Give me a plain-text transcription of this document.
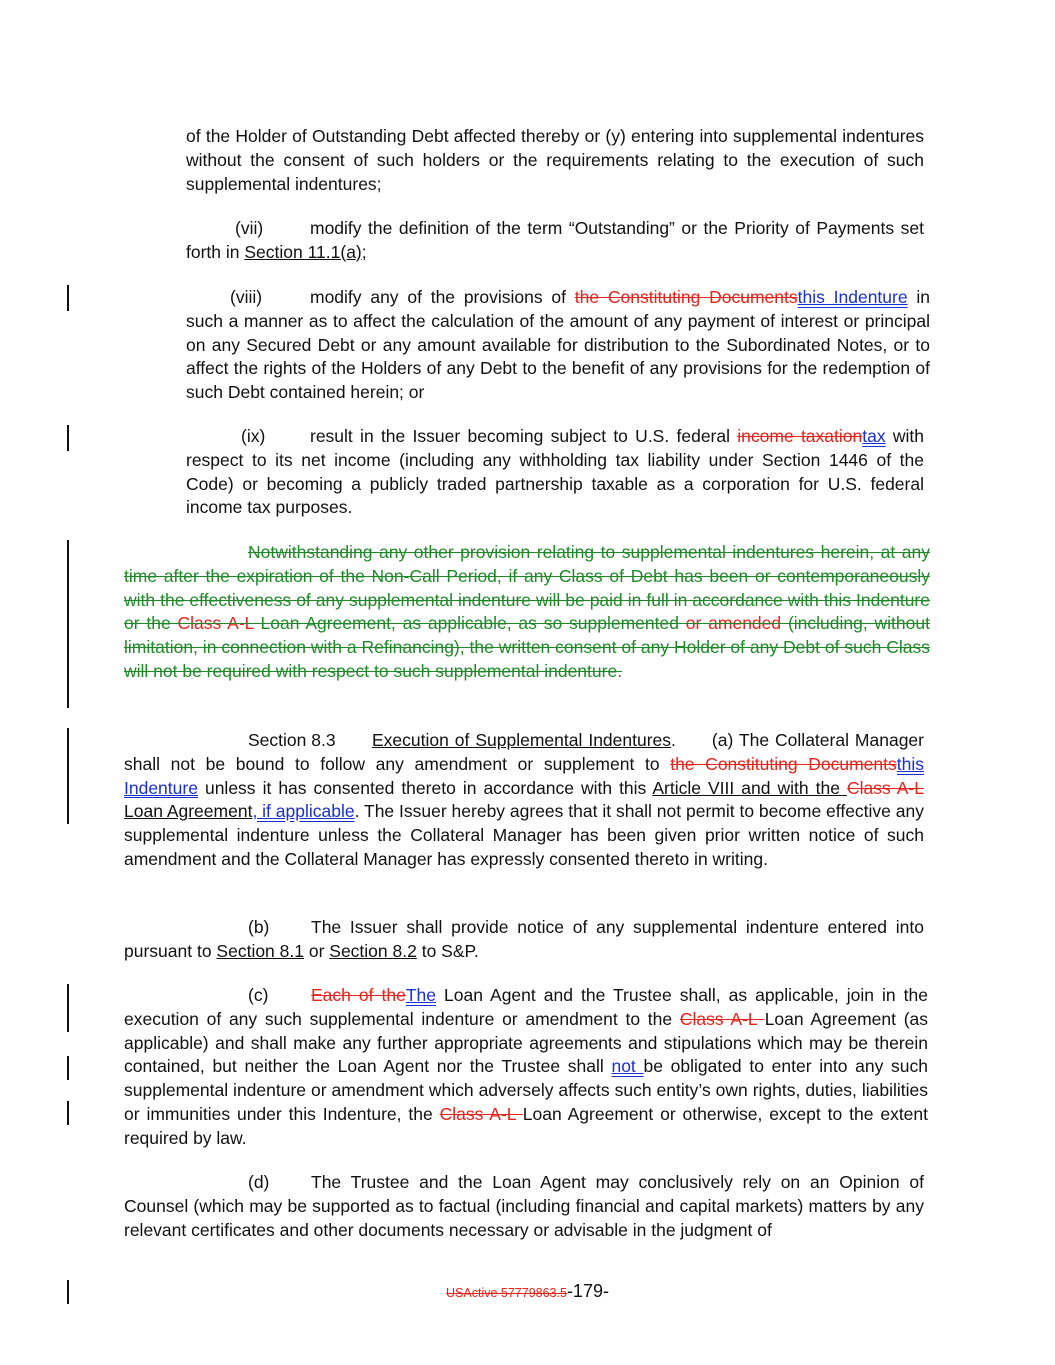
of the Holder of Outstanding Debt affected thereby or (y) entering into supplemental indentures without the consent of such holders or the requirements relating to the execution of such supplemental indentures;

(vii)	modify the definition of the term “Outstanding” or the Priority of Payments set forth in Section 11.1(a);

(viii)	modify any of the provisions of the Constituting Documentsthis Indenture in such a manner as to affect the calculation of the amount of any payment of interest or principal on any Secured Debt or any amount available for distribution to the Subordinated Notes, or to affect the rights of the Holders of any Debt to the benefit of any provisions for the redemption of such Debt contained herein; or

(ix)	result in the Issuer becoming subject to U.S. federal income taxationtax with respect to its net income (including any withholding tax liability under Section 1446 of the Code) or becoming a publicly traded partnership taxable as a corporation for U.S. federal income tax purposes.

Notwithstanding any other provision relating to supplemental indentures herein, at any time after the expiration of the Non-Call Period, if any Class of Debt has been or contemporaneously with the effectiveness of any supplemental indenture will be paid in full in accordance with this Indenture or the Class A-L Loan Agreement, as applicable, as so supplemented or amended (including, without limitation, in connection with a Refinancing), the written consent of any Holder of any Debt of such Class will not be required with respect to such supplemental indenture.

Section 8.3 Execution of Supplemental Indentures. (a) The Collateral Manager shall not be bound to follow any amendment or supplement to the Constituting Documentsthis Indenture unless it has consented thereto in accordance with this Article VIII and with the Class A-L Loan Agreement, if applicable. The Issuer hereby agrees that it shall not permit to become effective any supplemental indenture unless the Collateral Manager has been given prior written notice of such amendment and the Collateral Manager has expressly consented thereto in writing.

(b) The Issuer shall provide notice of any supplemental indenture entered into pursuant to Section 8.1 or Section 8.2 to S&P.

(c) Each of theThe Loan Agent and the Trustee shall, as applicable, join in the execution of any such supplemental indenture or amendment to the Class A-L Loan Agreement (as applicable) and shall make any further appropriate agreements and stipulations which may be therein contained, but neither the Loan Agent nor the Trustee shall not be obligated to enter into any such supplemental indenture or amendment which adversely affects such entity’s own rights, duties, liabilities or immunities under this Indenture, the Class A-L Loan Agreement or otherwise, except to the extent required by law.

(d) The Trustee and the Loan Agent may conclusively rely on an Opinion of Counsel (which may be supported as to factual (including financial and capital markets) matters by any relevant certificates and other documents necessary or advisable in the judgment of

USActive 57779863.5-179-
